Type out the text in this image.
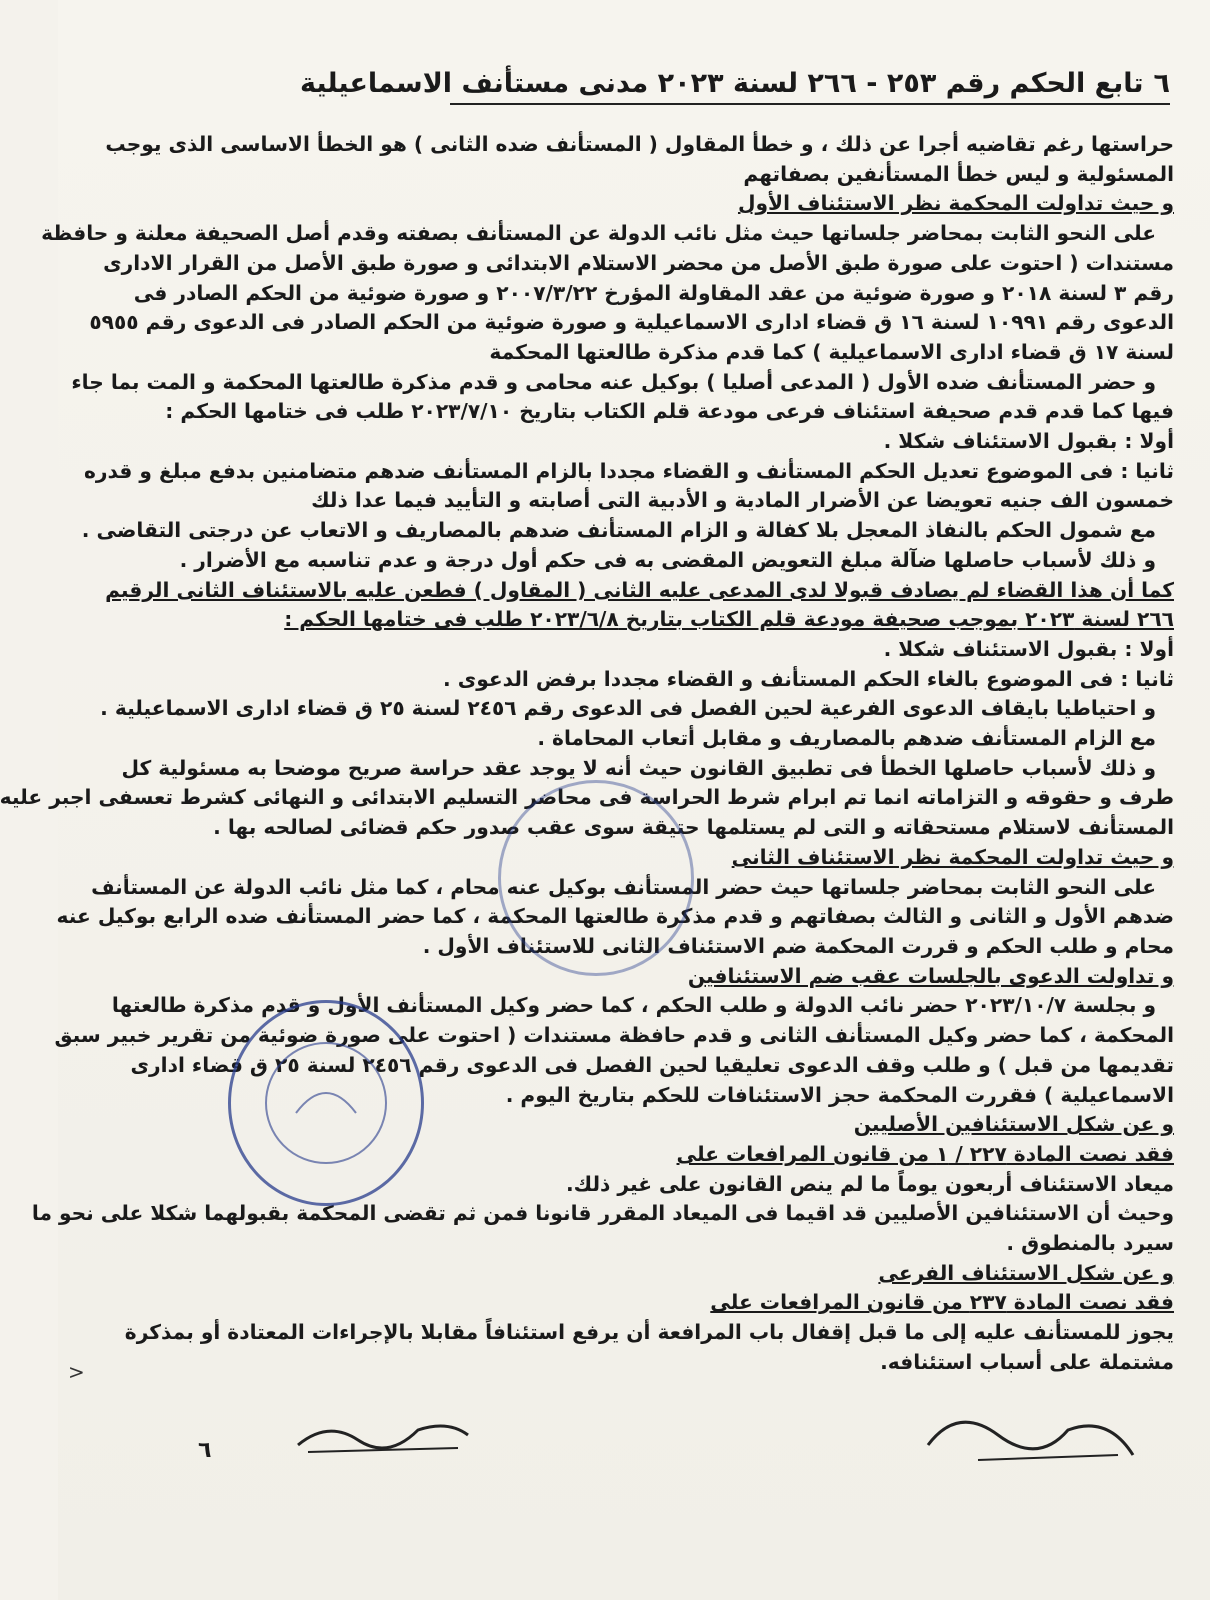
٦تابع الحكم رقم ٢٥٣ - ٢٦٦ لسنة ٢٠٢٣ مدنى مستأنف الاسماعيلية
حراستها رغم تقاضيه أجرا عن ذلك ، و خطأ المقاول ( المستأنف ضده الثانى ) هو الخطأ الاساسى الذى يوجب
المسئولية و ليس خطأ المستأنفين بصفاتهم
و حيث تداولت المحكمة نظر الاستئناف الأول
على النحو الثابت بمحاضر جلساتها حيث مثل نائب الدولة عن المستأنف بصفته وقدم أصل الصحيفة معلنة و حافظة
مستندات ( احتوت على صورة طبق الأصل من محضر الاستلام الابتدائى و صورة طبق الأصل من القرار الادارى
رقم ٣ لسنة ٢٠١٨ و صورة ضوئية من عقد المقاولة المؤرخ ٢٠٠٧/٣/٢٢ و صورة ضوئية من الحكم الصادر فى
الدعوى رقم ١٠٩٩١ لسنة ١٦ ق قضاء ادارى الاسماعيلية و صورة ضوئية من الحكم الصادر فى الدعوى رقم ٥٩٥٥
لسنة ١٧ ق قضاء ادارى الاسماعيلية ) كما قدم مذكرة طالعتها المحكمة
و حضر المستأنف ضده الأول ( المدعى أصليا ) بوكيل عنه محامى و قدم مذكرة طالعتها المحكمة و المت بما جاء
فيها كما قدم قدم صحيفة استئناف فرعى مودعة قلم الكتاب بتاريخ ٢٠٢٣/٧/١٠ طلب فى ختامها الحكم :
أولا : بقبول الاستئناف شكلا .
ثانيا : فى الموضوع تعديل الحكم المستأنف و القضاء مجددا بالزام المستأنف ضدهم متضامنين بدفع مبلغ و قدره
خمسون الف جنيه تعويضا عن الأضرار المادية و الأدبية التى أصابته و التأييد فيما عدا ذلك
مع شمول الحكم بالنفاذ المعجل بلا كفالة و الزام المستأنف ضدهم بالمصاريف و الاتعاب عن درجتى التقاضى .
و ذلك لأسباب حاصلها ضآلة مبلغ التعويض المقضى به فى حكم أول درجة و عدم تناسبه مع الأضرار .
كما أن هذا القضاء لم يصادف قبولا لدى المدعى عليه الثانى ( المقاول ) فطعن عليه بالاستئناف الثانى الرقيم
٢٦٦ لسنة ٢٠٢٣ بموجب صحيفة مودعة قلم الكتاب بتاريخ ٢٠٢٣/٦/٨ طلب فى ختامها الحكم :
أولا : بقبول الاستئناف شكلا .
ثانيا : فى الموضوع بالغاء الحكم المستأنف و القضاء مجددا برفض الدعوى .
و احتياطيا بايقاف الدعوى الفرعية لحين الفصل فى الدعوى رقم ٢٤٥٦ لسنة ٢٥ ق قضاء ادارى الاسماعيلية .
مع الزام المستأنف ضدهم بالمصاريف و مقابل أتعاب المحاماة .
و ذلك لأسباب حاصلها الخطأ فى تطبيق القانون حيث أنه لا يوجد عقد حراسة صريح موضحا به مسئولية كل
طرف و حقوقه و التزاماته انما تم ابرام شرط الحراسة فى محاضر التسليم الابتدائى و النهائى كشرط تعسفى اجبر عليه
المستأنف لاستلام مستحقاته و التى لم يستلمها حتيقة سوى عقب صدور حكم قضائى لصالحه بها .
و حيث تداولت المحكمة نظر الاستئناف الثانى
على النحو الثابت بمحاضر جلساتها حيث حضر المستأنف بوكيل عنه محام ، كما مثل نائب الدولة عن المستأنف
ضدهم الأول و الثانى و الثالث بصفاتهم و قدم مذكرة طالعتها المحكمة ، كما حضر المستأنف ضده الرابع بوكيل عنه
محام و طلب الحكم و قررت المحكمة ضم الاستئناف الثانى للاستئناف الأول .
و تداولت الدعوى بالجلسات عقب ضم الاستئنافين
و بجلسة ٢٠٢٣/١٠/٧ حضر نائب الدولة و طلب الحكم ، كما حضر وكيل المستأنف الأول و قدم مذكرة طالعتها
المحكمة ، كما حضر وكيل المستأنف الثانى و قدم حافظة مستندات ( احتوت على صورة ضوئية من تقرير خبير سبق
تقديمها من قبل ) و طلب وقف الدعوى تعليقيا لحين الفصل فى الدعوى رقم ٢٤٥٦ لسنة ٢٥ ق قضاء ادارى
الاسماعيلية ) فقررت المحكمة حجز الاستئنافات للحكم بتاريخ اليوم .
و عن شكل الاستئنافين الأصليين
فقد نصت المادة ٢٢٧ / ١ من قانون المرافعات على
ميعاد الاستئناف أربعون يوماً ما لم ينص القانون على غير ذلك.
وحيث أن الاستئنافين الأصليين قد اقيما فى الميعاد المقرر قانونا فمن ثم تقضى المحكمة بقبولهما شكلا على نحو ما
سيرد بالمنطوق .
و عن شكل الاستئناف الفرعى
فقد نصت المادة ٢٣٧ من قانون المرافعات على
يجوز للمستأنف عليه إلى ما قبل إقفال باب المرافعة أن يرفع استئنافاً مقابلا بالإجراءات المعتادة أو بمذكرة
مشتملة على أسباب استئنافه.
٦
<
